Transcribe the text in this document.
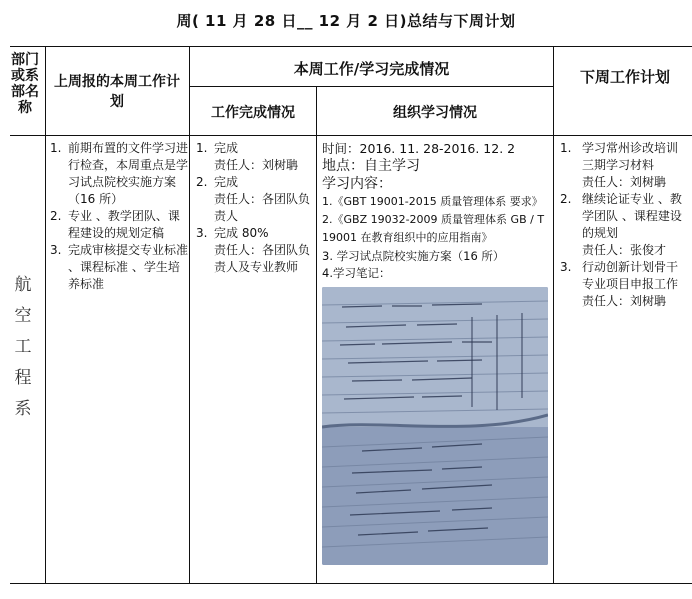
周( 11 月 28 日__ 12 月 2 日)总结与下周计划
部门或系部名称
上周报的本周工作计划
本周工作/学习完成情况
工作完成情况	组织学习情况
下周工作计划
航
空
工
程
系
1. 前期布置的文件学习进行检查，本周重点是学习试点院校实施方案（16 所）
2. 专业 、教学团队、课程建设的规划定稿
3. 完成审核提交专业标准 、课程标准 、学生培养标准
1. 完成
责任人：刘树聃
2. 完成
责任人：各团队负责人
3. 完成 80%
责任人：各团队负责人及专业教师
时间：2016. 11. 28-2016. 12. 2
地点：自主学习
学习内容：
1.《GBT 19001-2015 质量管理体系 要求》
2.《GBZ 19032-2009 质量管理体系 GB / T 19001 在教育组织中的应用指南》
3. 学习试点院校实施方案（16 所）
4.学习笔记：
1. 学习常州诊改培训
三期学习材料
责任人：刘树聃
2. 继续论证专业 、教
学团队 、课程建设
的规划
责任人：张俊才
3. 行动创新计划骨干
专业项目申报工作
责任人：刘树聃
